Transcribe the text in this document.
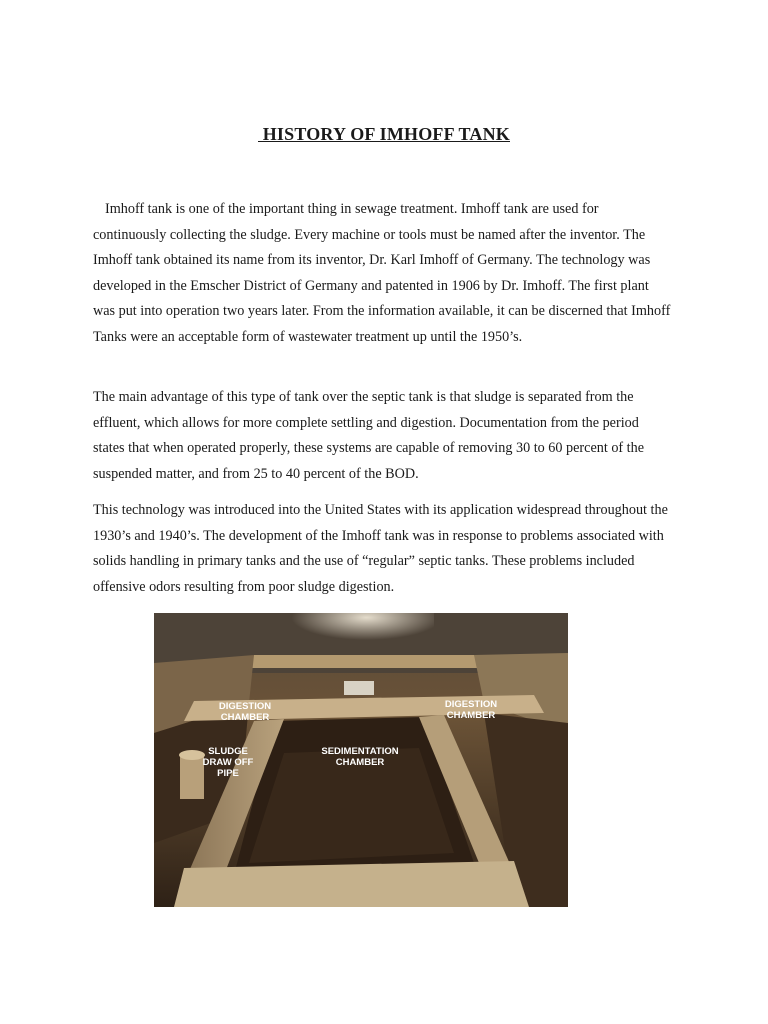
HISTORY OF IMHOFF TANK

Imhoff tank is one of the important thing in sewage treatment. Imhoff tank are used for continuously collecting the sludge. Every machine or tools must be named after the inventor. The Imhoff tank obtained its name from its inventor, Dr. Karl Imhoff of Germany. The technology was developed in the Emscher District of Germany and patented in 1906 by Dr. Imhoff. The first plant was put into operation two years later. From the information available, it can be discerned that Imhoff Tanks were an acceptable form of wastewater treatment up until the 1950’s.

The main advantage of this type of tank over the septic tank is that sludge is separated from the effluent, which allows for more complete settling and digestion. Documentation from the period states that when operated properly, these systems are capable of removing 30 to 60 percent of the suspended matter, and from 25 to 40 percent of the BOD.

This technology was introduced into the United States with its application widespread throughout the 1930’s and 1940’s. The development of the Imhoff tank was in response to problems associated with solids handling in primary tanks and the use of “regular” septic tanks. These problems included offensive odors resulting from poor sludge digestion.

DIGESTION
CHAMBER
DIGESTION
CHAMBER
SLUDGE
DRAW OFF
PIPE
SEDIMENTATION
CHAMBER
